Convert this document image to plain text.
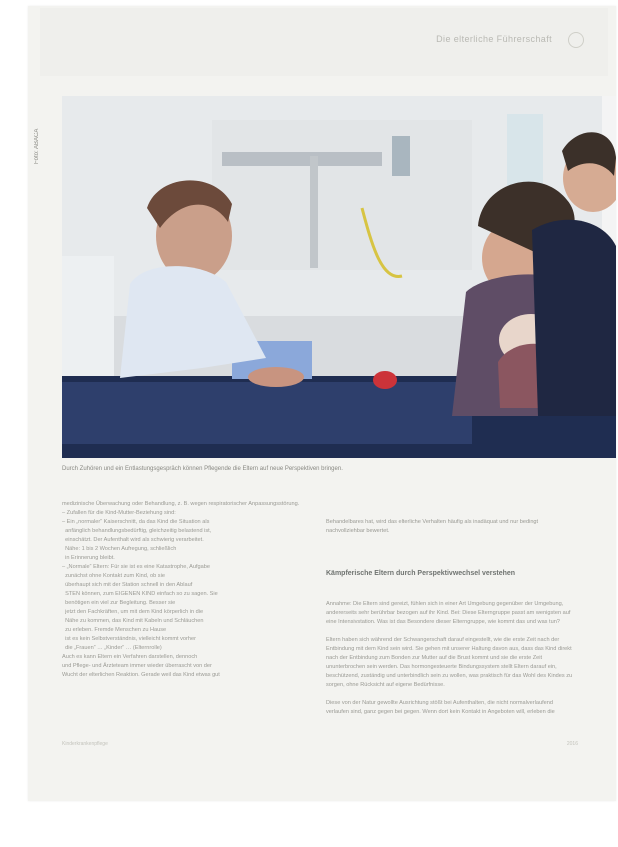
Die elterliche Führerschaft
Foto: ABACA
Durch Zuhören und ein Entlastungsgespräch können Pflegende die Eltern auf neue Perspektiven bringen.
medizinische Überwachung oder Behandlung, z. B. wegen respiratorischer Anpassungsstörung.
– Zufallen für die Kind-Mutter-Beziehung sind:
– Ein „normaler“ Kaiserschnitt, da das Kind die Situation als
anfänglich behandlungsbedürftig, gleichzeitig belastend ist,
einschätzt. Der Aufenthalt wird als schwierig verarbeitet.
Nähe: 1 bis 2 Wochen Aufregung, schließlich
in Erinnerung bleibt.
– „Normale“ Eltern: Für sie ist es eine Katastrophe, Aufgabe
zunächst ohne Kontakt zum Kind, ob sie
überhaupt sich mit der Station schnell in den Ablauf
STEN können, zum EIGENEN KIND einfach so zu sagen. Sie
benötigen ein viel zur Begleitung. Besser sie
jetzt den Fachkräften, um mit dem Kind körperlich in die
Nähe zu kommen, das Kind mit Kabeln und Schläuchen
zu erleben. Fremde Menschen zu Hause
ist es kein Selbstverständnis, vielleicht kommt vorher
die „Frauen“ … „Kinder“ … (Elternrolle)
Auch es kann Eltern ein Verfahren darstellen, dennoch
und Pflege- und Ärzteteam immer wieder überrascht von der
Wucht der elterlichen Reaktion. Gerade weil das Kind etwas gut

Behandelbares hat, wird das elterliche Verhalten häufig als inadäquat und nur bedingt nachvollziehbar bewertet.

Kämpferische Eltern durch Perspektivwechsel verstehen

Annahme: Die Eltern sind gereizt, fühlen sich in einer Art Umgebung gegenüber der Umgebung, andererseits sehr berührbar bezogen auf ihr Kind. Bei: Diese Elterngruppe passt am wenigsten auf eine Intensivstation. Was ist das Besondere dieser Elterngruppe, wie kommt das und was tun?

Eltern haben sich während der Schwangerschaft darauf eingestellt, wie die erste Zeit nach der Entbindung mit dem Kind sein wird. Sie gehen mit unserer Haltung davon aus, dass das Kind direkt nach der Entbindung zum Bonden zur Mutter auf die Brust kommt und sie die erste Zeit ununterbrochen sein werden. Das hormongesteuerte Bindungssystem stellt Eltern darauf ein, beschützend, zuständig und unterbindlich sein zu wollen, was praktisch für das Wohl des Kindes zu sorgen, ohne Rücksicht auf eigene Bedürfnisse.

Diese von der Natur gewollte Ausrichtung stößt bei Aufenthalten, die nicht normalverlaufend verlaufen sind, ganz gegen bei gegen. Wenn dort kein Kontakt in Angeboten will, erleben die

Kinderkrankenpflege	2016
